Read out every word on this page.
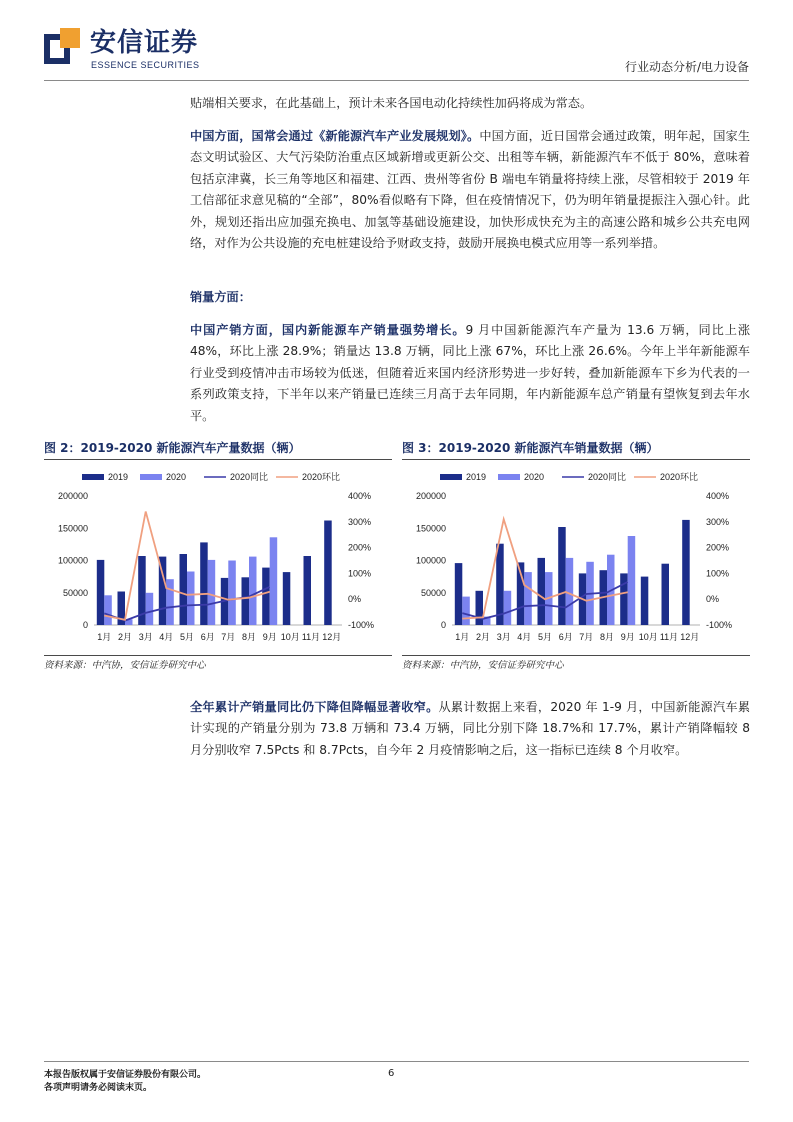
安信证券
ESSENCE SECURITIES	行业动态分析/电力设备

贴端相关要求，在此基础上，预计未来各国电动化持续性加码将成为常态。

中国方面，国常会通过《新能源汽车产业发展规划》。中国方面，近日国常会通过政策，明年起，国家生态文明试验区、大气污染防治重点区域新增或更新公交、出租等车辆，新能源汽车不低于 80%，意味着包括京津冀，长三角等地区和福建、江西、贵州等省份 B 端电车销量将持续上涨，尽管相较于 2019 年工信部征求意见稿的“全部”，80%看似略有下降，但在疫情情况下，仍为明年销量提振注入强心针。此外，规划还指出应加强充换电、加氢等基础设施建设，加快形成快充为主的高速公路和城乡公共充电网络，对作为公共设施的充电桩建设给予财政支持，鼓励开展换电模式应用等一系列举措。

销量方面：

中国产销方面，国内新能源车产销量强势增长。9 月中国新能源汽车产量为 13.6 万辆，同比上涨 48%，环比上涨 28.9%；销量达 13.8 万辆，同比上涨 67%，环比上涨 26.6%。今年上半年新能源车行业受到疫情冲击市场较为低迷，但随着近来国内经济形势进一步好转，叠加新能源车下乡为代表的一系列政策支持，下半年以来产销量已连续三月高于去年同期，年内新能源车总产销量有望恢复到去年水平。

图 2：2019-2020 新能源汽车产量数据（辆）
2019	2020	2020同比	2020环比
0
50000
100000
150000
200000
-100%
0%
100%
200%
300%
400%
1月 2月 3月 4月 5月 6月 7月 8月 9月 10月 11月 12月
资料来源：中汽协，安信证券研究中心
图 3：2019-2020 新能源汽车销量数据（辆）
2019	2020	2020同比	2020环比
0
50000
100000
150000
200000
-100%
0%
100%
200%
300%
400%
1月 2月 3月 4月 5月 6月 7月 8月 9月 10月 11月 12月
资料来源：中汽协，安信证券研究中心

全年累计产销量同比仍下降但降幅显著收窄。从累计数据上来看，2020 年 1-9 月，中国新能源汽车累计实现的产销量分别为 73.8 万辆和 73.4 万辆，同比分别下降 18.7%和 17.7%，累计产销降幅较 8 月分别收窄 7.5Pcts 和 8.7Pcts，自今年 2 月疫情影响之后，这一指标已连续 8 个月收窄。

本报告版权属于安信证券股份有限公司。
各项声明请务必阅读末页。
6
